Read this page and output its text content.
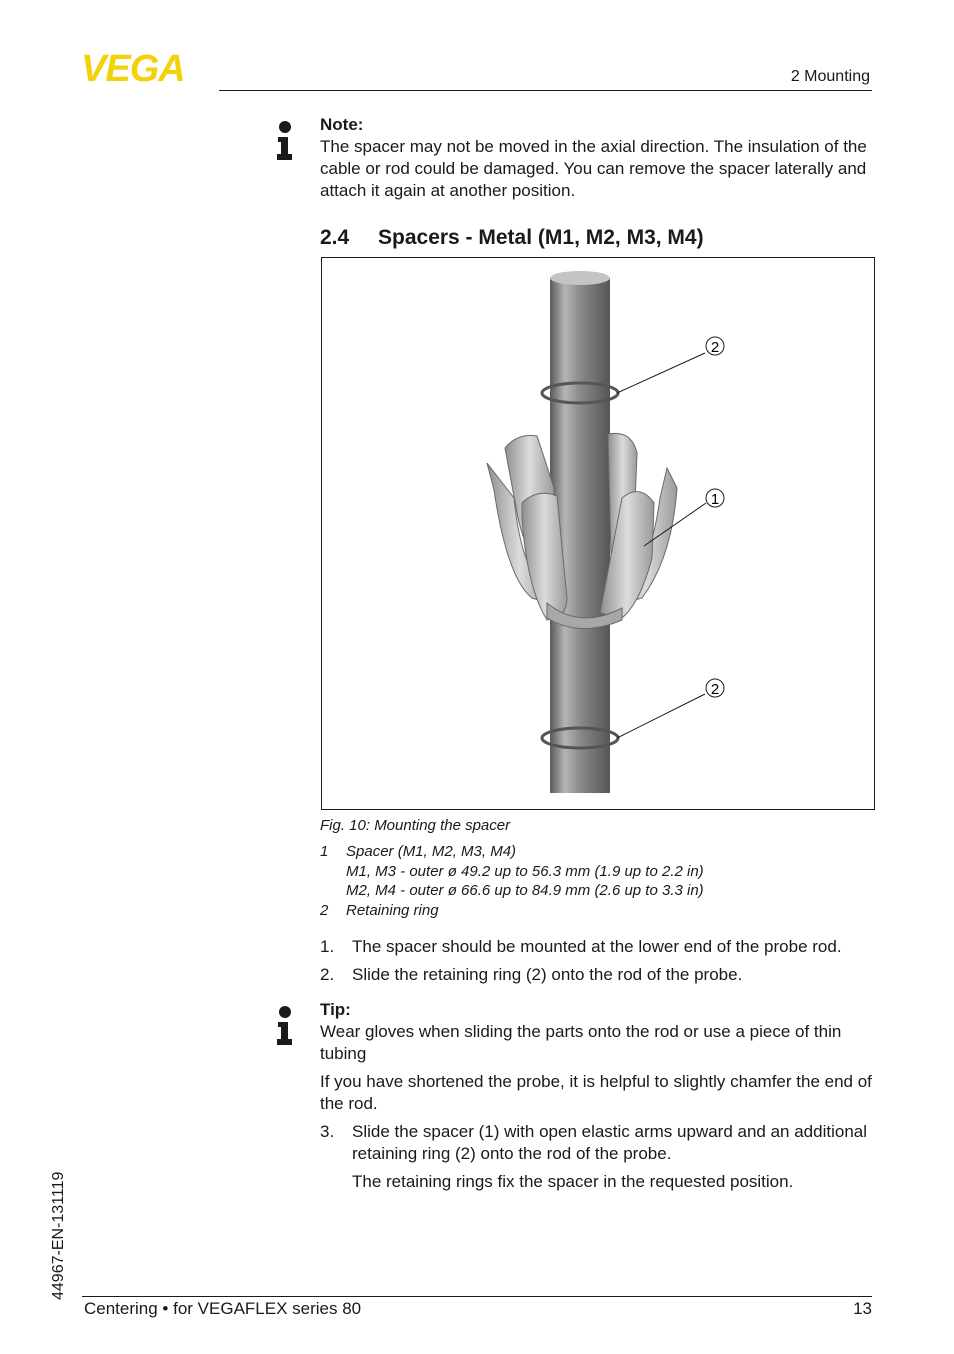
VEGA	2 Mounting
Note:
The spacer may not be moved in the axial direction. The insulation of the cable or rod could be damaged. You can remove the spacer laterally and attach it again at another position.
2.4 Spacers - Metal (M1, M2, M3, M4)
2
1
2
Fig. 10: Mounting the spacer
1	Spacer (M1, M2, M3, M4)
M1, M3 - outer ø 49.2 up to 56.3 mm (1.9 up to 2.2 in)
M2, M4 - outer ø 66.6 up to 84.9 mm (2.6 up to 3.3 in)
2	Retaining ring
1.	The spacer should be mounted at the lower end of the probe rod.
2.	Slide the retaining ring (2) onto the rod of the probe.
Tip:
Wear gloves when sliding the parts onto the rod or use a piece of thin tubing
If you have shortened the probe, it is helpful to slightly chamfer the end of the rod.
3.	Slide the spacer (1) with open elastic arms upward and an additional retaining ring (2) onto the rod of the probe.
The retaining rings fix the spacer in the requested position.
44967-EN-131119
Centering • for VEGAFLEX series 80	13
